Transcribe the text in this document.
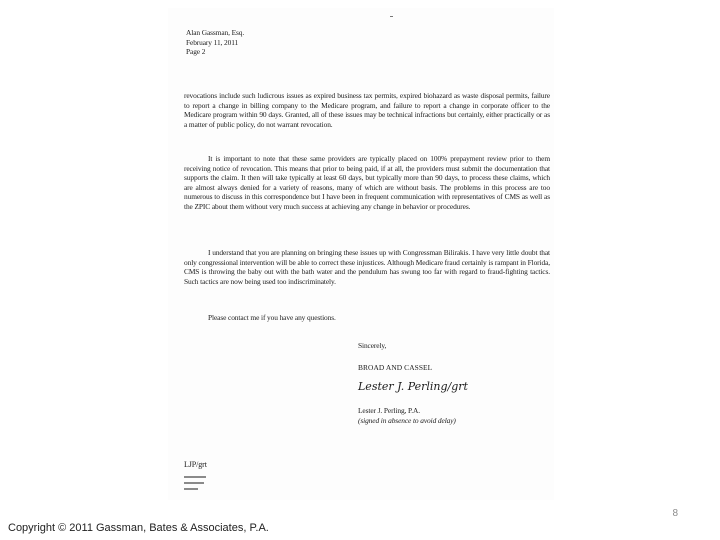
Alan Gassman, Esq.
February 11, 2011
Page 2
revocations include such ludicrous issues as expired business tax permits, expired biohazard as waste disposal permits, failure to report a change in billing company to the Medicare program, and failure to report a change in corporate officer to the Medicare program within 90 days. Granted, all of these issues may be technical infractions but certainly, either practically or as a matter of public policy, do not warrant revocation.
It is important to note that these same providers are typically placed on 100% prepayment review prior to them receiving notice of revocation. This means that prior to being paid, if at all, the providers must submit the documentation that supports the claim. It then will take typically at least 60 days, but typically more than 90 days, to process these claims, which are almost always denied for a variety of reasons, many of which are without basis. The problems in this process are too numerous to discuss in this correspondence but I have been in frequent communication with representatives of CMS as well as the ZPIC about them without very much success at achieving any change in behavior or procedures.
I understand that you are planning on bringing these issues up with Congressman Bilirakis. I have very little doubt that only congressional intervention will be able to correct these injustices. Although Medicare fraud certainly is rampant in Florida, CMS is throwing the baby out with the bath water and the pendulum has swung too far with regard to fraud-fighting tactics. Such tactics are now being used too indiscriminately.
Please contact me if you have any questions.
Sincerely,
BROAD AND CASSEL
Lester J. Perling/grt
Lester J. Perling, P.A.
(signed in absence to avoid delay)
LJP/grt
8
Copyright © 2011 Gassman, Bates & Associates, P.A.
